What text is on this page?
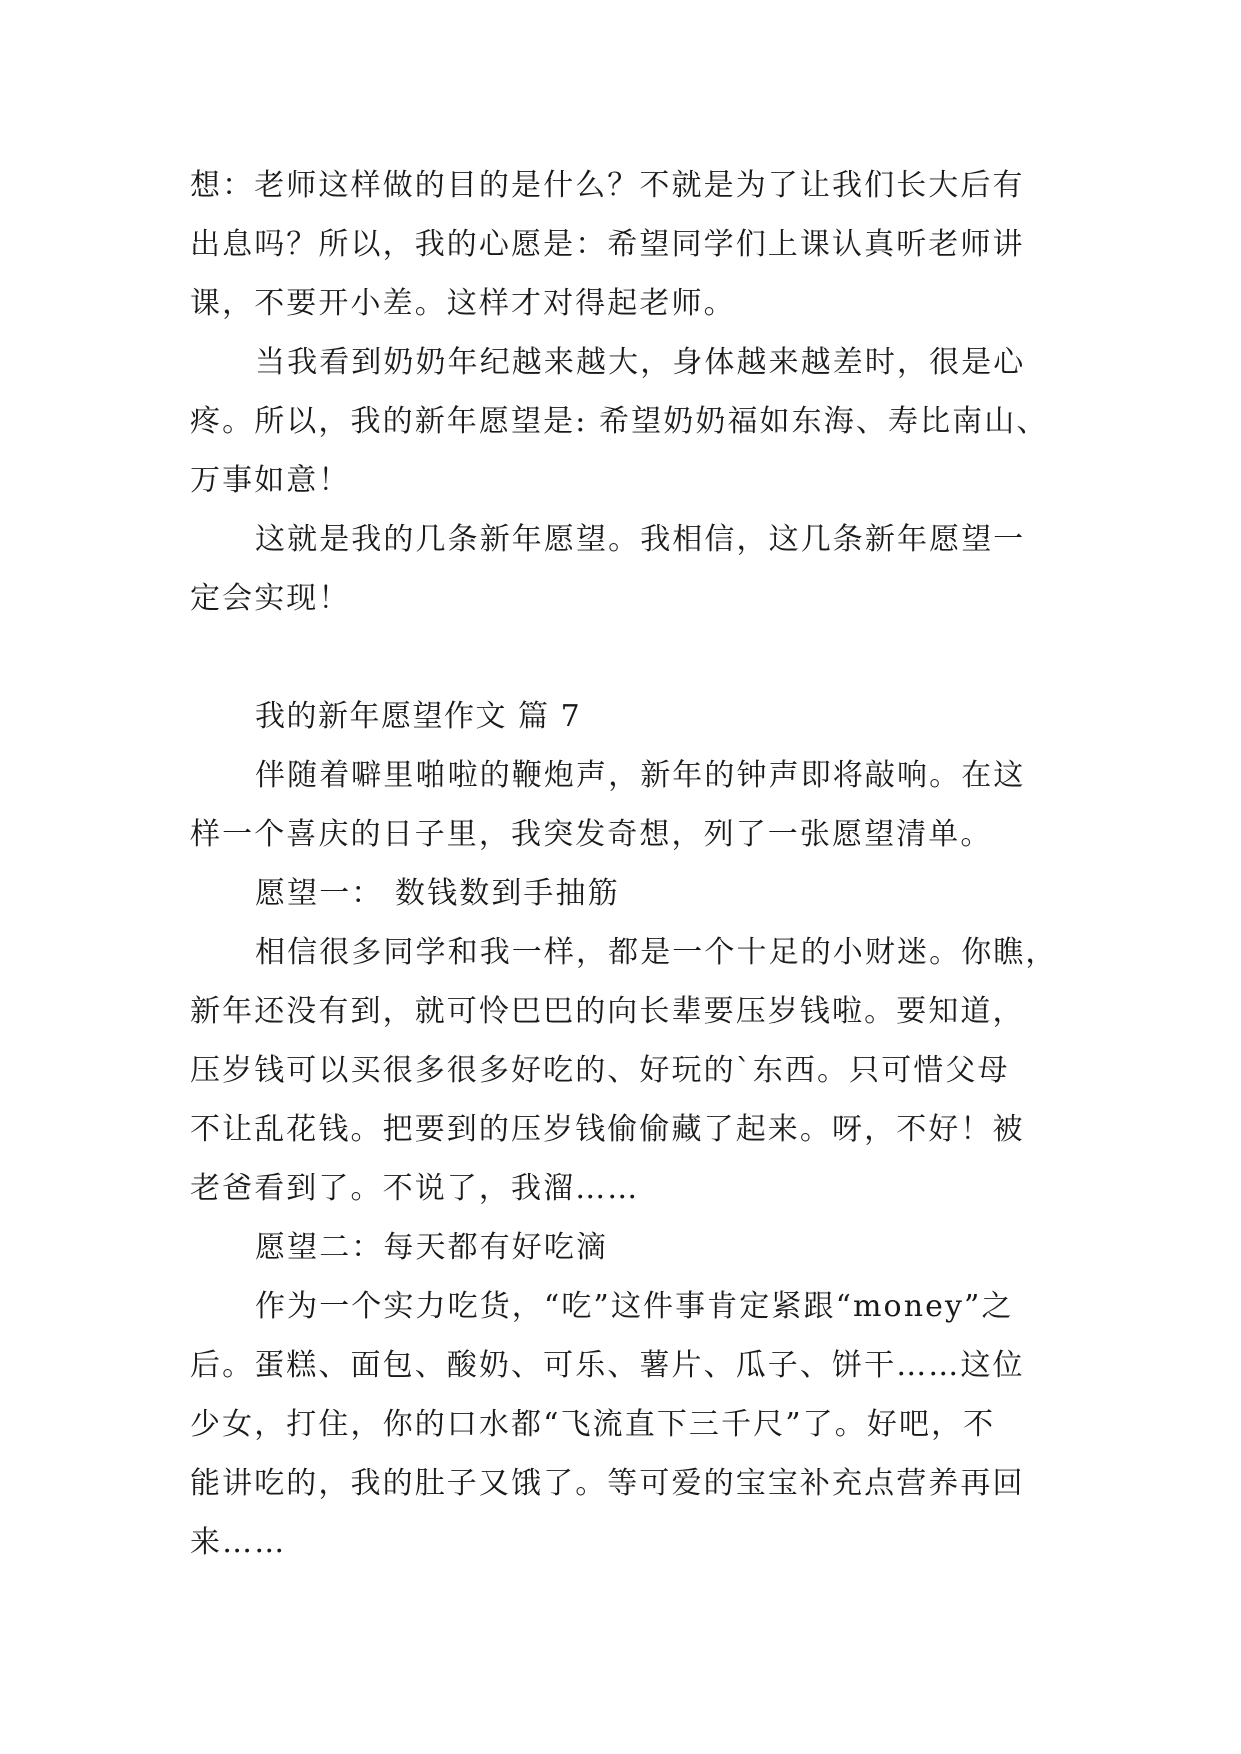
想：老师这样做的目的是什么？不就是为了让我们长大后有
出息吗？所以，我的心愿是：希望同学们上课认真听老师讲
课，不要开小差。这样才对得起老师。
当我看到奶奶年纪越来越大，身体越来越差时，很是心
疼。所以，我的新年愿望是: 希望奶奶福如东海、寿比南山、
万事如意！
这就是我的几条新年愿望。我相信，这几条新年愿望一
定会实现！
我的新年愿望作文 篇 7
伴随着噼里啪啦的鞭炮声，新年的钟声即将敲响。在这
样一个喜庆的日子里，我突发奇想，列了一张愿望清单。
愿望一： 数钱数到手抽筋
相信很多同学和我一样，都是一个十足的小财迷。你瞧，
新年还没有到，就可怜巴巴的向长辈要压岁钱啦。要知道，
压岁钱可以买很多很多好吃的、好玩的`东西。只可惜父母
不让乱花钱。把要到的压岁钱偷偷藏了起来。呀，不好！被
老爸看到了。不说了，我溜……
愿望二：每天都有好吃滴
作为一个实力吃货，“吃”这件事肯定紧跟“money”之
后。蛋糕、面包、酸奶、可乐、薯片、瓜子、饼干……这位
少女，打住，你的口水都“飞流直下三千尺”了。好吧，不
能讲吃的，我的肚子又饿了。等可爱的宝宝补充点营养再回
来……
